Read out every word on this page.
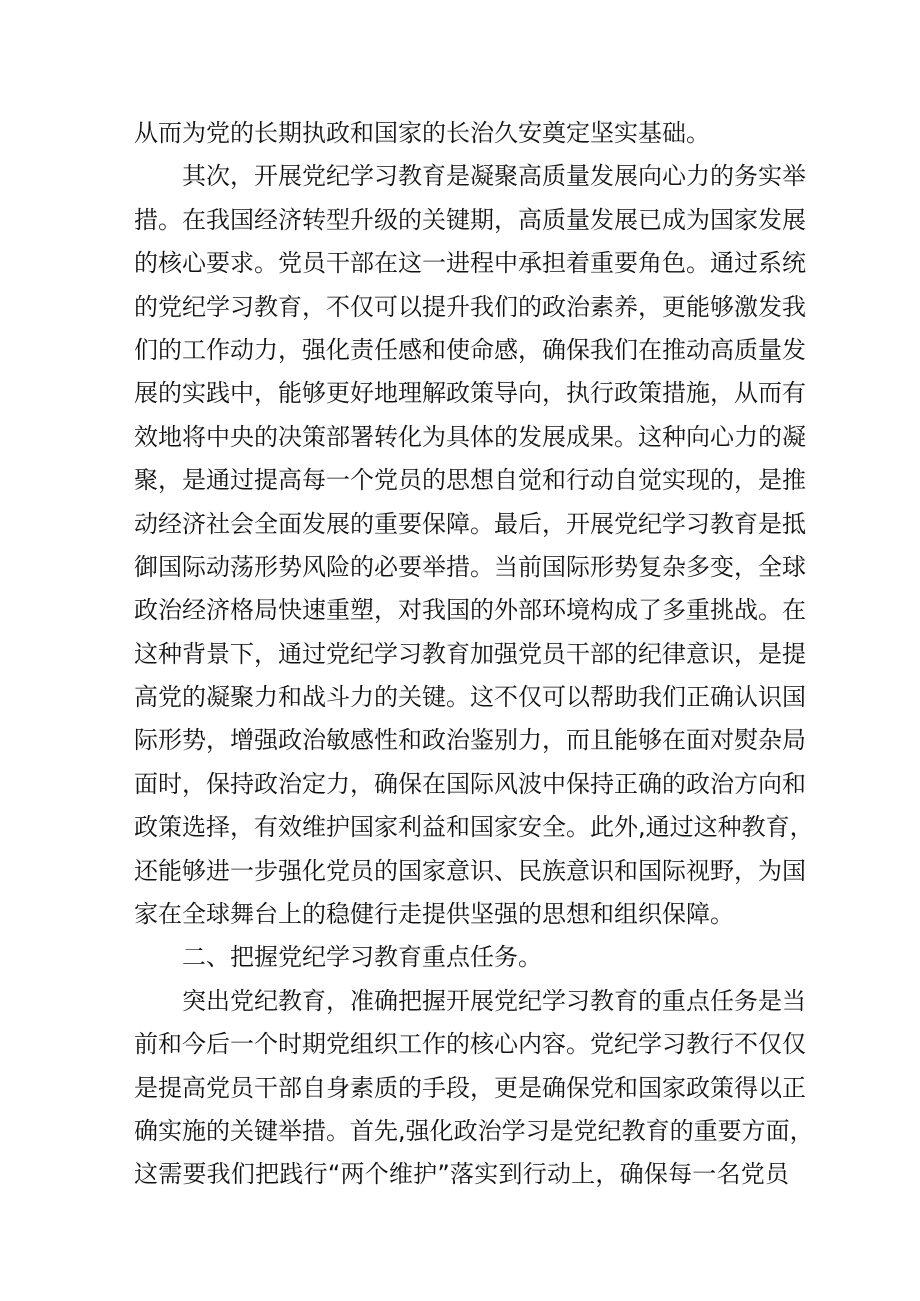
从而为党的长期执政和国家的长治久安奠定坚实基础。
其次，开展党纪学习教育是凝聚高质量发展向心力的务实举
措。在我国经济转型升级的关键期，高质量发展已成为国家发展
的核心要求。党员干部在这一进程中承担着重要角色。通过系统
的党纪学习教育，不仅可以提升我们的政治素养，更能够激发我
们的工作动力，强化责任感和使命感，确保我们在推动高质量发
展的实践中，能够更好地理解政策导向，执行政策措施，从而有
效地将中央的决策部署转化为具体的发展成果。这种向心力的凝
聚，是通过提高每一个党员的思想自觉和行动自觉实现的，是推
动经济社会全面发展的重要保障。最后，开展党纪学习教育是抵
御国际动荡形势风险的必要举措。当前国际形势复杂多变，全球
政治经济格局快速重塑，对我国的外部环境构成了多重挑战。在
这种背景下，通过党纪学习教育加强党员干部的纪律意识，是提
高党的凝聚力和战斗力的关键。这不仅可以帮助我们正确认识国
际形势，增强政治敏感性和政治鉴别力，而且能够在面对熨杂局
面时，保持政治定力，确保在国际风波中保持正确的政治方向和
政策选择，有效维护国家利益和国家安全。此外,通过这种教育，
还能够进一步强化党员的国家意识、民族意识和国际视野，为国
家在全球舞台上的稳健行走提供坚强的思想和组织保障。
二、把握党纪学习教育重点任务。
突出党纪教育，准确把握开展党纪学习教育的重点任务是当
前和今后一个时期党组织工作的核心内容。党纪学习教行不仅仅
是提高党员干部自身素质的手段，更是确保党和国家政策得以正
确实施的关键举措。首先,强化政治学习是党纪教育的重要方面，
这需要我们把践行“两个维护”落实到行动上，确保每一名党员
